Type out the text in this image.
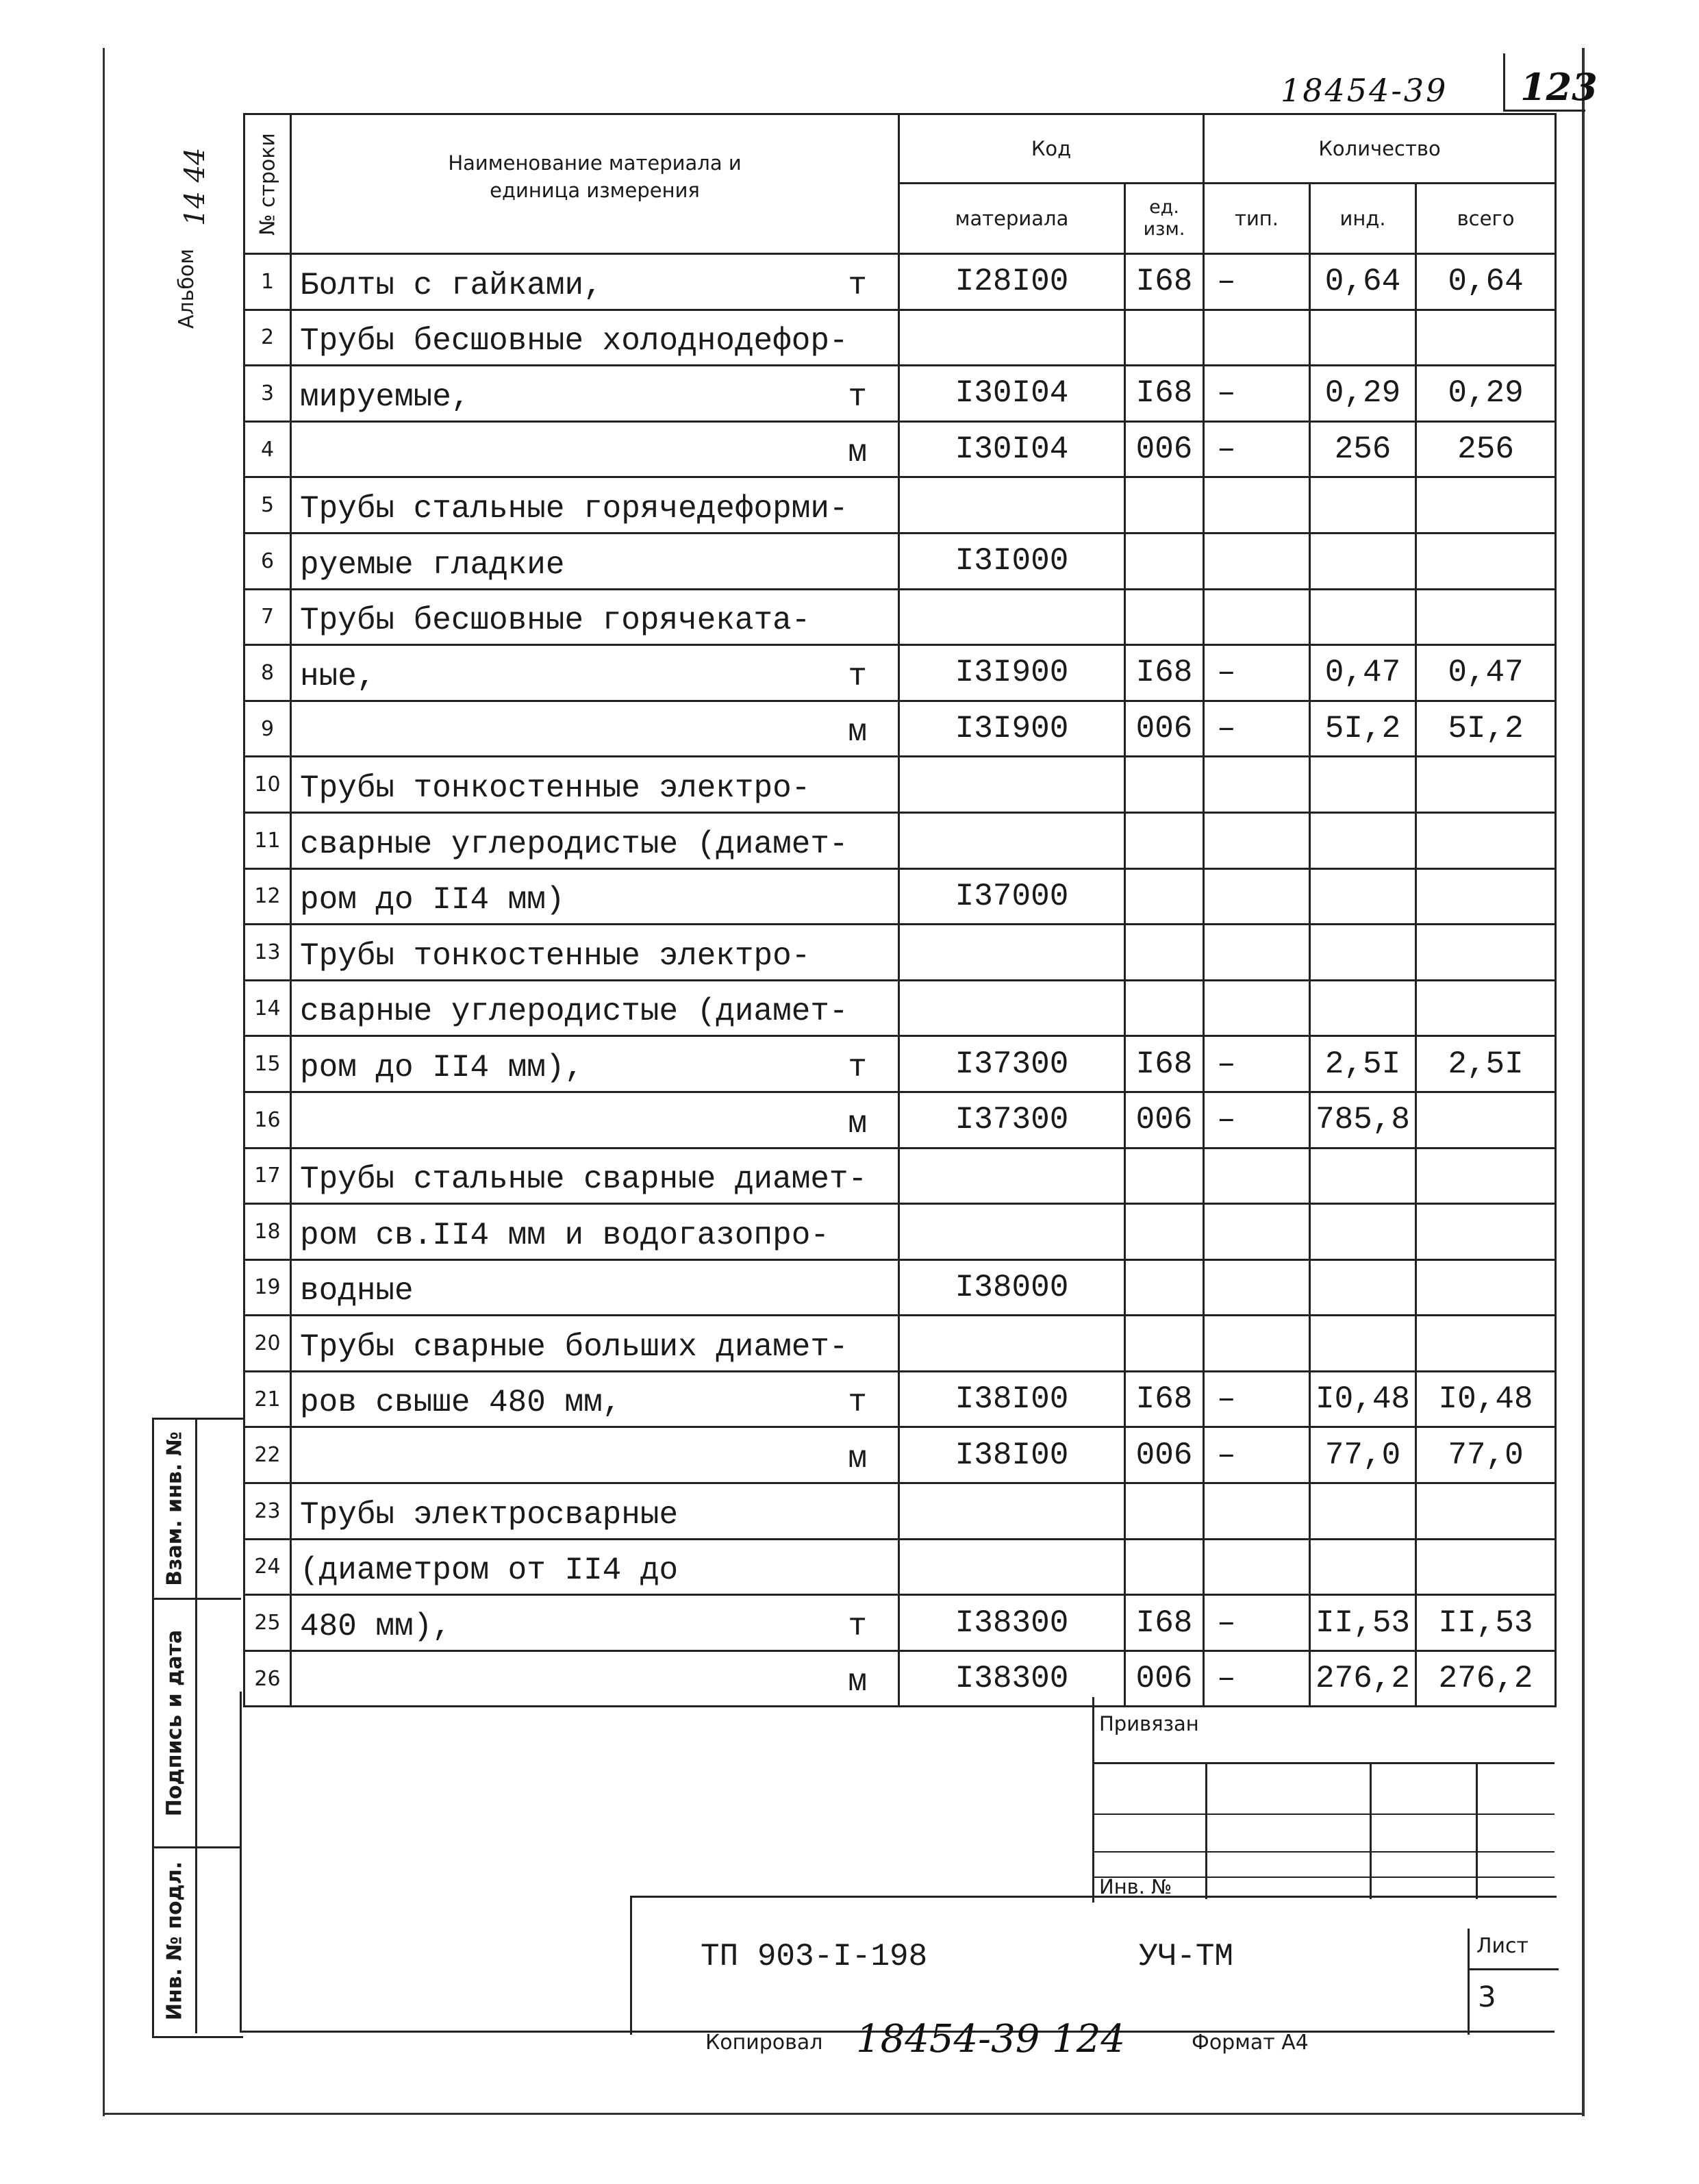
18454-39 123
Альбом
14 44 № строки	Наименование материала и единица измерения	Код		Количество		
		материала	ед. изм.	тип.	инд.	всего
1	Болты с гайками, т	I28I00	I68	–	0,64	0,64
2	Трубы бесшовные холоднодефор-					

3	мируемые, т	I30I04	I68	–	0,29	0,29
4	м	I30I04	006	–	256	256
5	Трубы стальные горячедеформи-					

6	руемые гладкие	I3I000				
7	Трубы бесшовные горячеката-					

8	ные, т	I3I900	I68	–	0,47	0,47
9	м	I3I900	006	–	5I,2	5I,2
10	Трубы тонкостенные электро-					

11	сварные углеродистые (диамет-					

12	ром до II4 мм)	I37000				
13	Трубы тонкостенные электро-					

14	сварные углеродистые (диамет-					

15	ром до II4 мм), т	I37300	I68	–	2,5I	2,5I
16	м	I37300	006	–	785,8	
17	Трубы стальные сварные диамет-					

18	ром св.II4 мм и водогазопро-					

19	водные	I38000				
20	Трубы сварные больших диамет-					

21	ров свыше 480 мм, т	I38I00	I68	–	I0,48	I0,48
22	м	I38I00	006	–	77,0	77,0
23	Трубы электросварные					

24	(диаметром от II4 до					

25	480 мм), т	I38300	I68	–	II,53	II,53
26	м	I38300	006	–	276,2	276,2
Взам. инв. №
Подпись и дата
Инв. № подл.
Привязан
Инв. №
ТП 903-I-198	УЧ-ТМ	Лист
3
Копировал 18454-39 124	Формат А4
